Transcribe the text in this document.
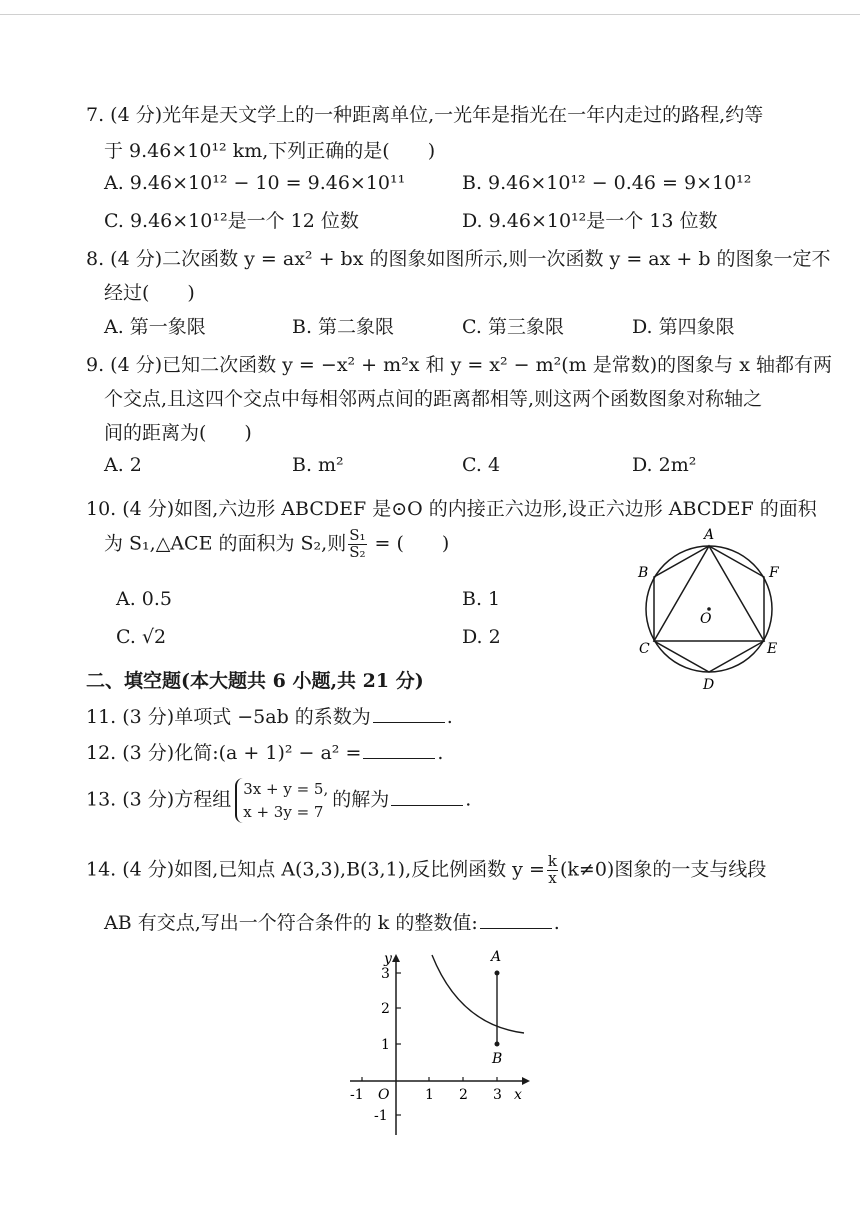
7. (4 分)光年是天文学上的一种距离单位,一光年是指光在一年内走过的路程,约等
于 9.46×10¹² km,下列正确的是(　　)
A. 9.46×10¹² − 10 = 9.46×10¹¹	B. 9.46×10¹² − 0.46 = 9×10¹²
C. 9.46×10¹²是一个 12 位数	D. 9.46×10¹²是一个 13 位数
8. (4 分)二次函数 y = ax² + bx 的图象如图所示,则一次函数 y = ax + b 的图象一定不
经过(　　)
A. 第一象限	B. 第二象限	C. 第三象限	D. 第四象限
9. (4 分)已知二次函数 y = −x² + m²x 和 y = x² − m²(m 是常数)的图象与 x 轴都有两
个交点,且这四个交点中每相邻两点间的距离都相等,则这两个函数图象对称轴之
间的距离为(　　)
A. 2	B. m²	C. 4	D. 2m²
10. (4 分)如图,六边形 ABCDEF 是⊙O 的内接正六边形,设正六边形 ABCDEF 的面积
为 S₁,△ACE 的面积为 S₂,则 $\frac{\text{S₁}}{\text{S₂}}$ = (　　)
A. 0.5	B. 1
C. √2	D. 2
A
B
C
D
E
F
O
二、填空题(本大题共 6 小题,共 21 分)
11. (3 分)单项式 −5ab 的系数为	.
12. (3 分)化简:(a + 1)² − a² =	.
13. (3 分)方程组 3x + y = 5,
x + 3y = 7
的解为	.
14. (4 分)如图,已知点 A(3,3),B(3,1),反比例函数 $y = \frac{k}{x} (k\ne 0)$图象的一支与线段
AB 有交点,写出一个符合条件的 k 的整数值:	.
-1	1 2 3
3
2
1
-1
O	x
y	A
B
